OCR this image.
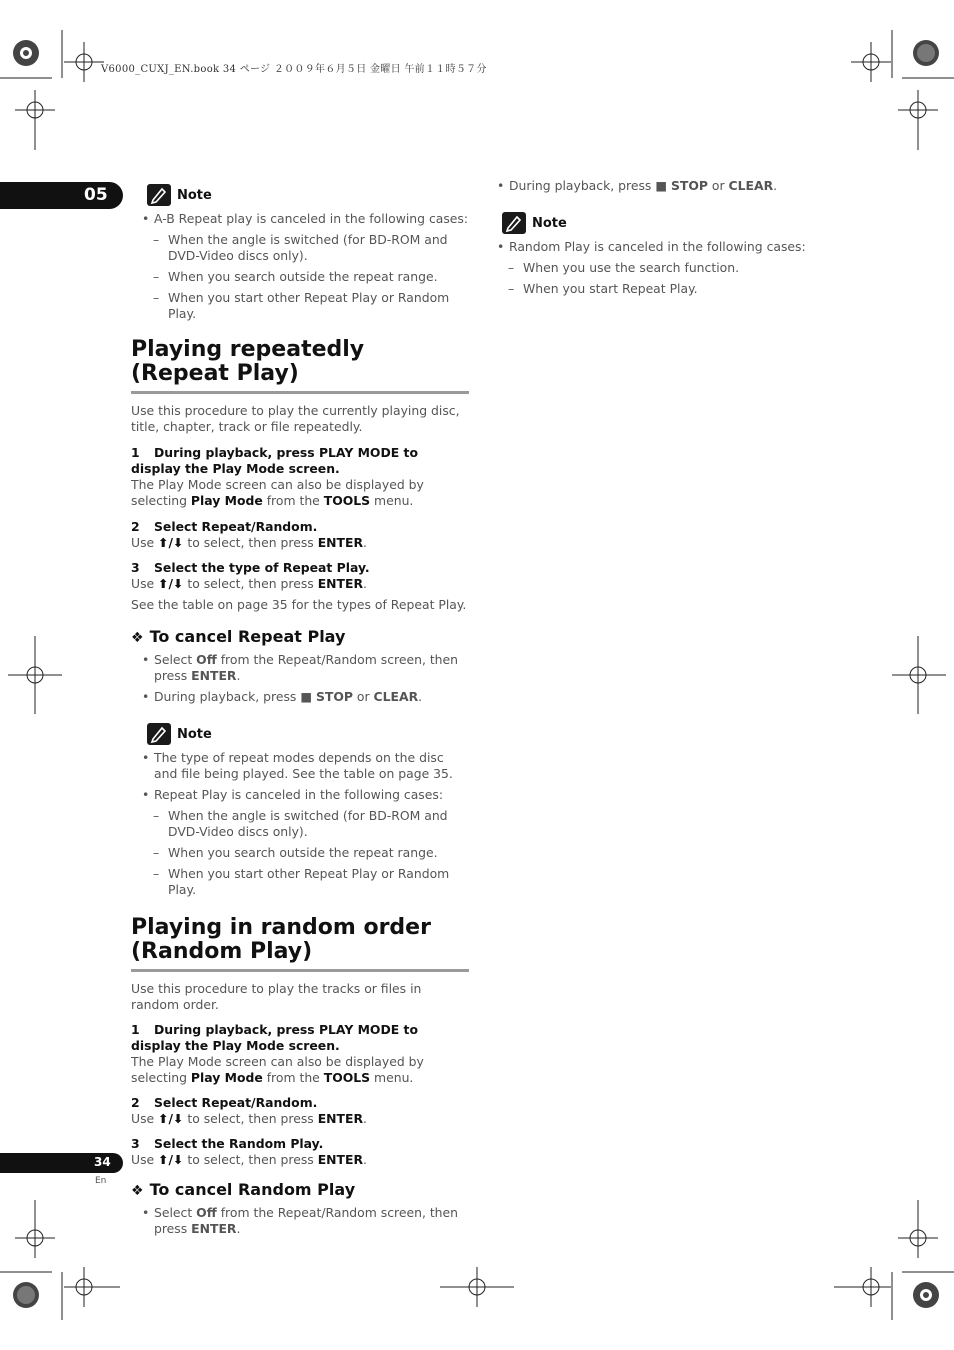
V6000_CUXJ_EN.book 34 ページ ２００９年６月５日 金曜日 午前１１時５７分
05
34
En
Note
• A-B Repeat play is canceled in the following cases:
– When the angle is switched (for BD-ROM and DVD-Video discs only).
– When you search outside the repeat range.
– When you start other Repeat Play or Random Play.
Playing repeatedly
(Repeat Play)

Use this procedure to play the currently playing disc, title, chapter, track or file repeatedly.

1 During playback, press PLAY MODE to display the Play Mode screen.

The Play Mode screen can also be displayed by selecting Play Mode from the TOOLS menu.

2 Select Repeat/Random.

Use ⬆/⬇ to select, then press ENTER.

3 Select the type of Repeat Play.

Use ⬆/⬇ to select, then press ENTER.

See the table on page 35 for the types of Repeat Play.

❖ To cancel Repeat Play

• Select Off from the Repeat/Random screen, then press ENTER.
• During playback, press ■ STOP or CLEAR.
Note
• The type of repeat modes depends on the disc and file being played. See the table on page 35.
• Repeat Play is canceled in the following cases:
– When the angle is switched (for BD-ROM and DVD-Video discs only).
– When you search outside the repeat range.
– When you start other Repeat Play or Random Play.
Playing in random order
(Random Play)

Use this procedure to play the tracks or files in random order.

1 During playback, press PLAY MODE to display the Play Mode screen.

The Play Mode screen can also be displayed by selecting Play Mode from the TOOLS menu.

2 Select Repeat/Random.

Use ⬆/⬇ to select, then press ENTER.

3 Select the Random Play.

Use ⬆/⬇ to select, then press ENTER.

❖ To cancel Random Play

• Select Off from the Repeat/Random screen, then press ENTER.
• During playback, press ■ STOP or CLEAR.
Note
• Random Play is canceled in the following cases:
– When you use the search function.
– When you start Repeat Play.
